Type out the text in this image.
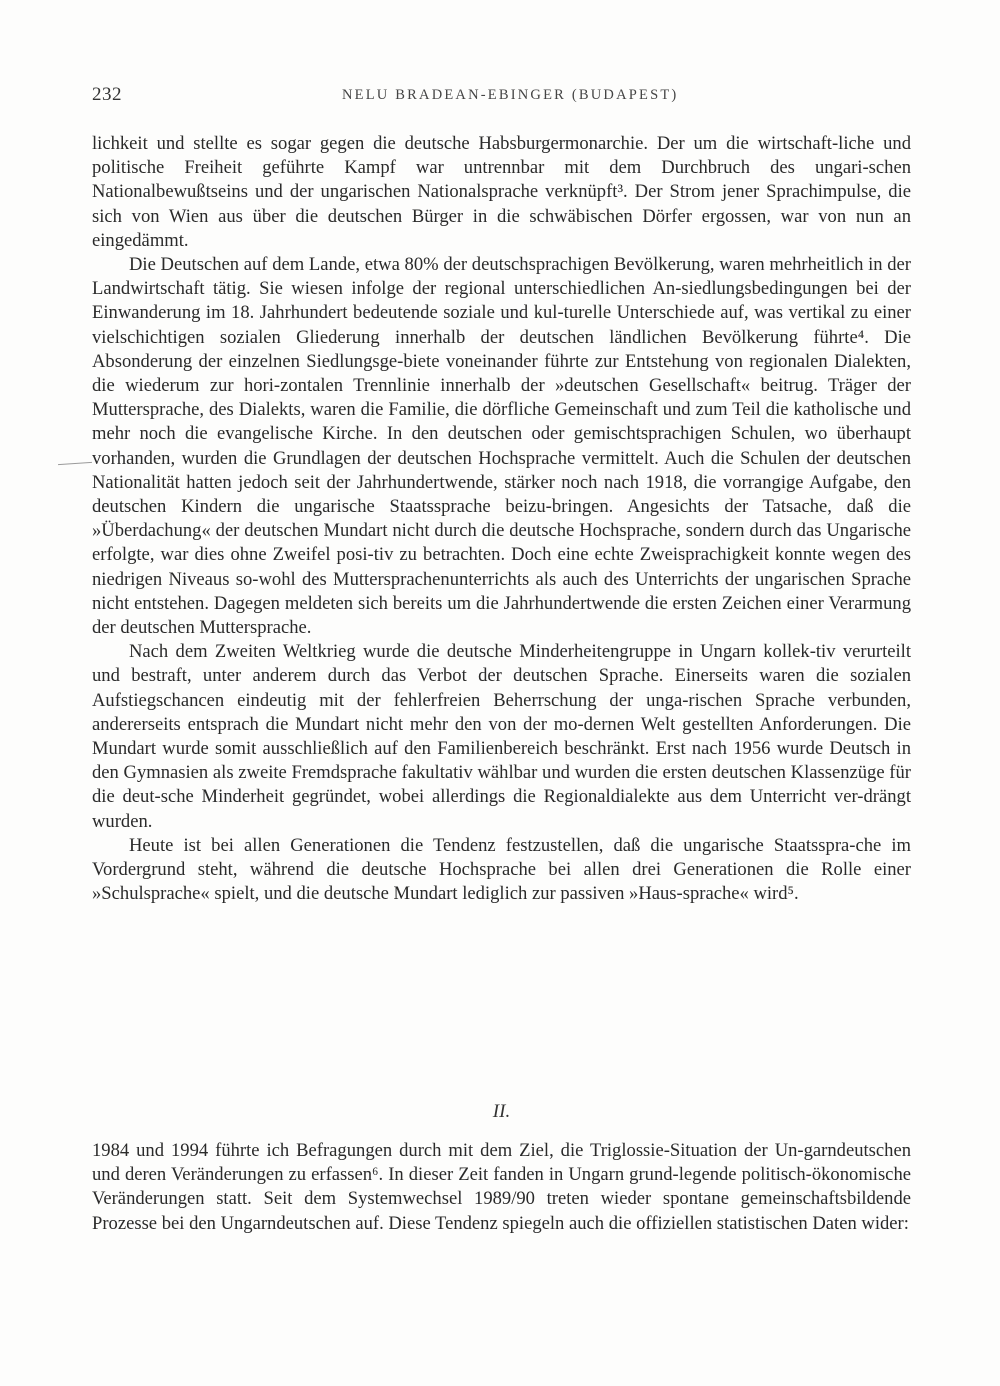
232	NELU BRADEAN-EBINGER (BUDAPEST)

lichkeit und stellte es sogar gegen die deutsche Habsburgermonarchie. Der um die wirtschaft-liche und politische Freiheit geführte Kampf war untrennbar mit dem Durchbruch des ungari-schen Nationalbewußtseins und der ungarischen Nationalsprache verknüpft³. Der Strom jener Sprachimpulse, die sich von Wien aus über die deutschen Bürger in die schwäbischen Dörfer ergossen, war von nun an eingedämmt.

Die Deutschen auf dem Lande, etwa 80% der deutschsprachigen Bevölkerung, waren mehrheitlich in der Landwirtschaft tätig. Sie wiesen infolge der regional unterschiedlichen An-siedlungsbedingungen bei der Einwanderung im 18. Jahrhundert bedeutende soziale und kul-turelle Unterschiede auf, was vertikal zu einer vielschichtigen sozialen Gliederung innerhalb der deutschen ländlichen Bevölkerung führte⁴. Die Absonderung der einzelnen Siedlungsge-biete voneinander führte zur Entstehung von regionalen Dialekten, die wiederum zur hori-zontalen Trennlinie innerhalb der »deutschen Gesellschaft« beitrug. Träger der Muttersprache, des Dialekts, waren die Familie, die dörfliche Gemeinschaft und zum Teil die katholische und mehr noch die evangelische Kirche. In den deutschen oder gemischtsprachigen Schulen, wo überhaupt vorhanden, wurden die Grundlagen der deutschen Hochsprache vermittelt. Auch die Schulen der deutschen Nationalität hatten jedoch seit der Jahrhundertwende, stärker noch nach 1918, die vorrangige Aufgabe, den deutschen Kindern die ungarische Staatssprache beizu-bringen. Angesichts der Tatsache, daß die »Überdachung« der deutschen Mundart nicht durch die deutsche Hochsprache, sondern durch das Ungarische erfolgte, war dies ohne Zweifel posi-tiv zu betrachten. Doch eine echte Zweisprachigkeit konnte wegen des niedrigen Niveaus so-wohl des Muttersprachenunterrichts als auch des Unterrichts der ungarischen Sprache nicht entstehen. Dagegen meldeten sich bereits um die Jahrhundertwende die ersten Zeichen einer Verarmung der deutschen Muttersprache.

Nach dem Zweiten Weltkrieg wurde die deutsche Minderheitengruppe in Ungarn kollek-tiv verurteilt und bestraft, unter anderem durch das Verbot der deutschen Sprache. Einerseits waren die sozialen Aufstiegschancen eindeutig mit der fehlerfreien Beherrschung der unga-rischen Sprache verbunden, andererseits entsprach die Mundart nicht mehr den von der mo-dernen Welt gestellten Anforderungen. Die Mundart wurde somit ausschließlich auf den Familienbereich beschränkt. Erst nach 1956 wurde Deutsch in den Gymnasien als zweite Fremdsprache fakultativ wählbar und wurden die ersten deutschen Klassenzüge für die deut-sche Minderheit gegründet, wobei allerdings die Regionaldialekte aus dem Unterricht ver-drängt wurden.

Heute ist bei allen Generationen die Tendenz festzustellen, daß die ungarische Staatsspra-che im Vordergrund steht, während die deutsche Hochsprache bei allen drei Generationen die Rolle einer »Schulsprache« spielt, und die deutsche Mundart lediglich zur passiven »Haus-sprache« wird⁵.

II.

1984 und 1994 führte ich Befragungen durch mit dem Ziel, die Triglossie-Situation der Un-garndeutschen und deren Veränderungen zu erfassen⁶. In dieser Zeit fanden in Ungarn grund-legende politisch-ökonomische Veränderungen statt. Seit dem Systemwechsel 1989/90 treten wieder spontane gemeinschaftsbildende Prozesse bei den Ungarndeutschen auf. Diese Tendenz spiegeln auch die offiziellen statistischen Daten wider:
